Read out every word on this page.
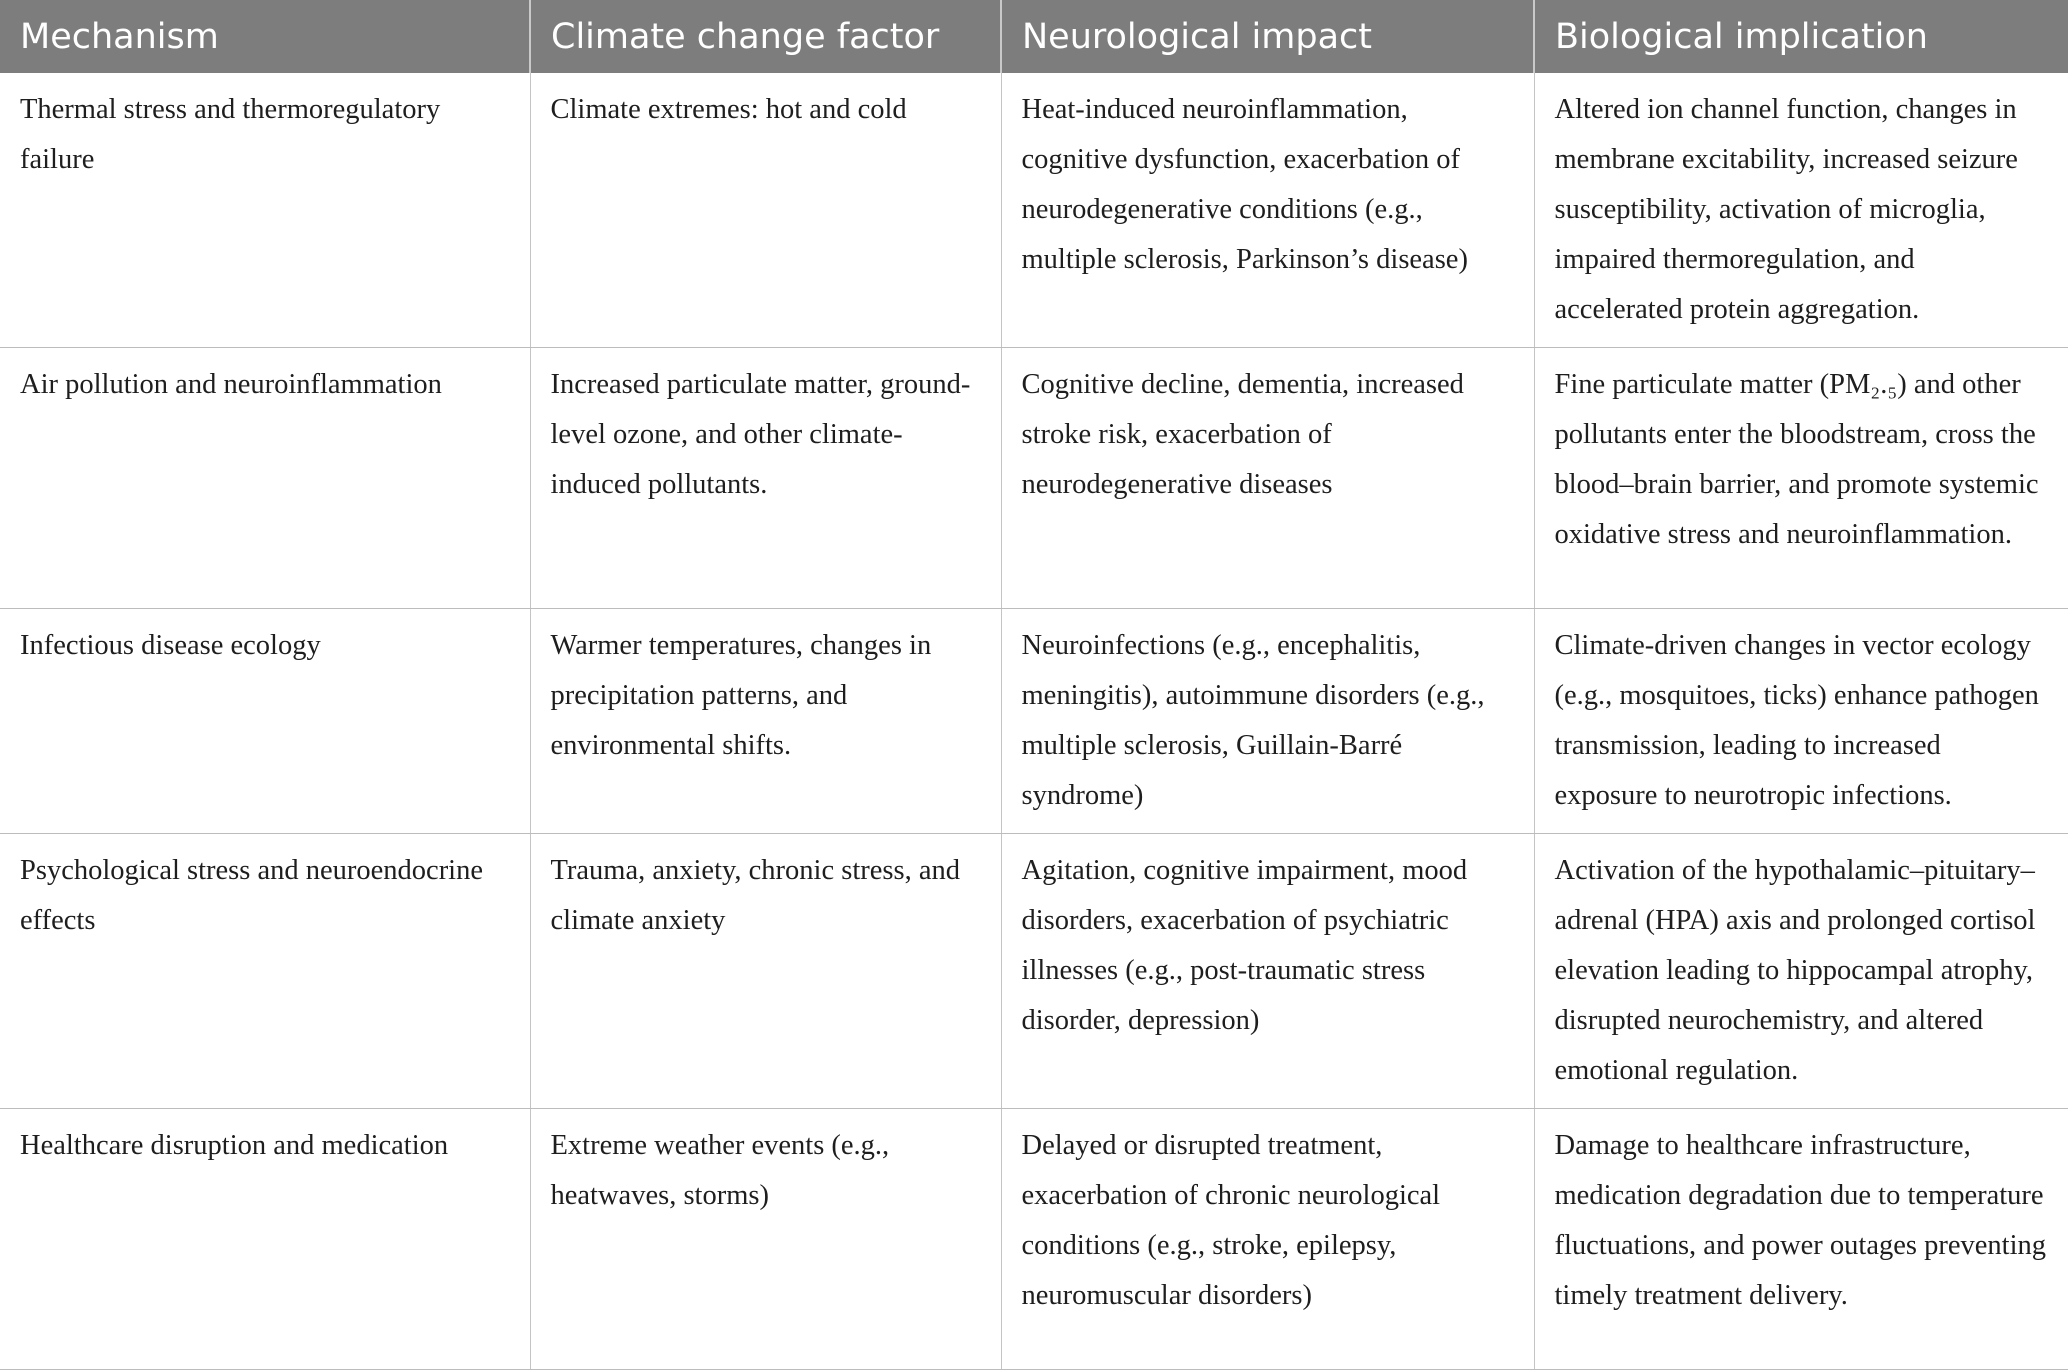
Mechanism	Climate change factor	Neurological impact	Biological implication
Thermal stress and thermoregulatory failure	Climate extremes: hot and cold	Heat-induced neuroinflammation, cognitive dysfunction, exacerbation of neurodegenerative conditions (e.g., multiple sclerosis, Parkinson’s disease)	Altered ion channel function, changes in membrane excitability, increased seizure susceptibility, activation of microglia, impaired thermoregulation, and accelerated protein aggregation.
Air pollution and neuroinflammation	Increased particulate matter, ground-level ozone, and other climate-induced pollutants.	Cognitive decline, dementia, increased stroke risk, exacerbation of neurodegenerative diseases	Fine particulate matter (PM₂.₅) and other pollutants enter the bloodstream, cross the blood–brain barrier, and promote systemic oxidative stress and neuroinflammation.
Infectious disease ecology	Warmer temperatures, changes in precipitation patterns, and environmental shifts.	Neuroinfections (e.g., encephalitis, meningitis), autoimmune disorders (e.g., multiple sclerosis, Guillain-Barré syndrome)	Climate-driven changes in vector ecology (e.g., mosquitoes, ticks) enhance pathogen transmission, leading to increased exposure to neurotropic infections.
Psychological stress and neuroendocrine effects	Trauma, anxiety, chronic stress, and climate anxiety	Agitation, cognitive impairment, mood disorders, exacerbation of psychiatric illnesses (e.g., post-traumatic stress disorder, depression)	Activation of the hypothalamic–pituitary–adrenal (HPA) axis and prolonged cortisol elevation leading to hippocampal atrophy, disrupted neurochemistry, and altered emotional regulation.
Healthcare disruption and medication	Extreme weather events (e.g., heatwaves, storms)	Delayed or disrupted treatment, exacerbation of chronic neurological conditions (e.g., stroke, epilepsy, neuromuscular disorders)	Damage to healthcare infrastructure, medication degradation due to temperature fluctuations, and power outages preventing timely treatment delivery.
